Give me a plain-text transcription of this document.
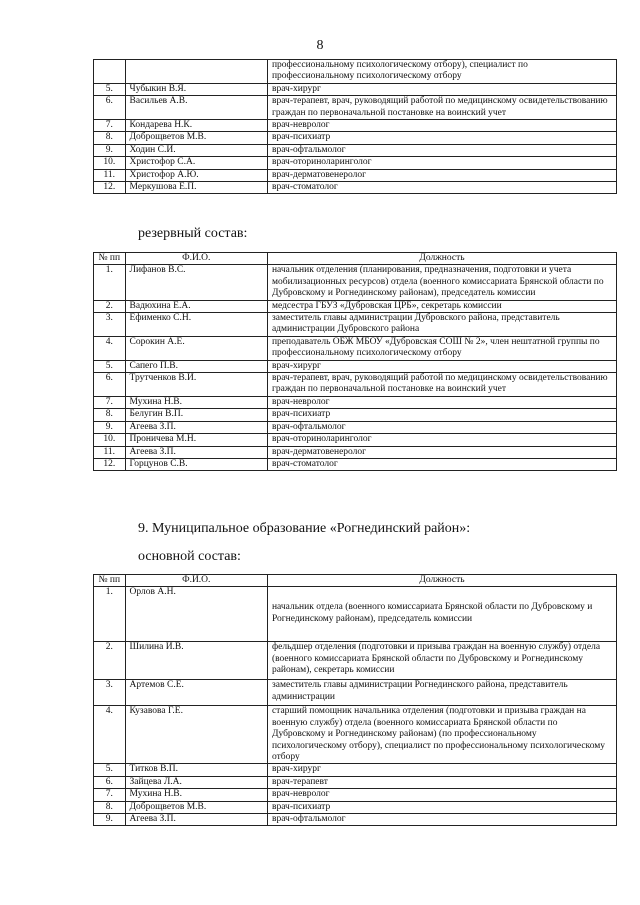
8
		профессиональному психологическому отбору), специалист по профессиональному психологическому отбору
5.	Чубыкин В.Я.	врач-хирург
6.	Васильев А.В.	врач-терапевт, врач, руководящий работой по медицинскому освидетельствованию граждан по первоначальной постановке на воинский учет
7.	Кондарева Н.К.	врач-невролог
8.	Доброщветов М.В.	врач-психиатр
9.	Ходин С.И.	врач-офтальмолог
10.	Христофор С.А.	врач-оториноларинголог
11.	Христофор А.Ю.	врач-дерматовенеролог
12.	Меркушова Е.П.	врач-стоматолог
резервный состав:
№ пп	Ф.И.О.	Должность
1.	Лифанов В.С.	начальник отделения (планирования, предназначения, подготовки и учета мобилизационных ресурсов) отдела (военного комиссариата Брянской области по Дубровскому и Рогнединскому районам), председатель комиссии
2.	Вадюхина Е.А.	медсестра ГБУЗ «Дубровская ЦРБ», секретарь комиссии
3.	Ефименко С.Н.	заместитель главы администрации Дубровского района, представитель администрации Дубровского района
4.	Сорокин А.Е.	преподаватель ОБЖ МБОУ «Дубровская СОШ № 2», член нештатной группы по профессиональному психологическому отбору
5.	Сапего П.В.	врач-хирург
6.	Трутченков В.И.	врач-терапевт, врач, руководящий работой по медицинскому освидетельствованию граждан по первоначальной постановке на воинский учет
7.	Мухина Н.В.	врач-невролог
8.	Белугин В.П.	врач-психиатр
9.	Агеева З.П.	врач-офтальмолог
10.	Проничева М.Н.	врач-оториноларинголог
11.	Агеева З.П.	врач-дерматовенеролог
12.	Горцунов С.В.	врач-стоматолог
9. Муниципальное образование «Рогнединский район»:
основной состав:
№ пп	Ф.И.О.	Должность
1.	Орлов А.Н.	начальник отдела (военного комиссариата Брянской области по Дубровскому и Рогнединскому районам), председатель комиссии
2.	Шилина И.В.	фельдшер отделения (подготовки и призыва граждан на военную службу) отдела (военного комиссариата Брянской области по Дубровскому и Рогнединскому районам), секретарь комиссии
3.	Артемов С.Е.	заместитель главы администрации Рогнединского района, представитель администрации
4.	Кузавова Г.Е.	старший помощник начальника отделения (подготовки и призыва граждан на военную службу) отдела (военного комиссариата Брянской области по Дубровскому и Рогнединскому районам) (по профессиональному психологическому отбору), специалист по профессиональному психологическому отбору
5.	Титков В.П.	врач-хирург
6.	Зайцева Л.А.	врач-терапевт
7.	Мухина Н.В.	врач-невролог
8.	Доброщветов М.В.	врач-психиатр
9.	Агеева З.П.	врач-офтальмолог
